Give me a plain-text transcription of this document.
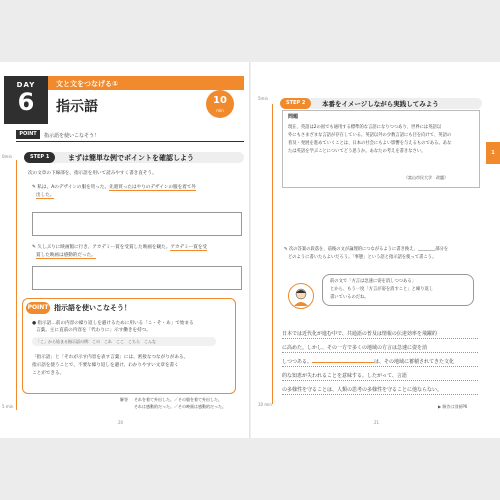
DAY
6
文と文をつなげる①
指示語	10
min
POINT	指示語を使いこなそう！
0min
5 min
STEP 1	まずは簡単な例でポイントを確認しよう
次の文章の下線部を、指示語を用いて読みやすく書き直そう。
✎ 私は、Aのデザインの服を買った。先週買ったはやりのデザインの服を着て外
出した。
✎ 久しぶりに映画館に行き、アカデミー賞を受賞した映画を観た。アカデミー賞を受
賞した映画は感動的だった。
POINT 指示語を使いこなそう！
● 指示語…前の内容の繰り返しを避けるために用いる「こ・そ・あ」で始まる
言葉。主に直前の内容を「代わりに」示す働きを持つ。
「こ」から始まる指示語の例：この　これ　ここ　こちら　こんな
「指示語」と「それが示す内容を表す言葉」には、密接なつながりがある。
指示語を使うことで、不要な繰り返しを避け、わかりやすい文章を書く
ことができる。
解答 それを着て外出した。／その服を着て外出した。
それは感動的だった。／その映画は感動的だった。
20
5min
10 min
STEP 2	本番をイメージしながら実践してみよう
問題
現在、英語は2の国でも通用する標準的な言語になりつつあり、世界には英語以
外にもさまざまな言語が存在している。英語以外の少数言語にも目を向けて、英語の
普及・発展を進めていくことは、日本の社会にもよい影響を与えるものである。あな
たは英語を学ぶことについてどう思うか。あなたの考えを書きなさい。
（富山市民大学　改題）
1
✎ 次の答案の段落を、前後の文が論理的につながるように書き換え、________部分を
どのように書いたらよいだろう。「事態」という語と指示語を使って書こう。
前の文で「方言は急速に姿を消しつつある」
とから、もう一度「方言が姿を消すこと」と繰り返し
書いているのだね。
日本では近代化が進む中で、共通語の普及は情報の伝達効率を飛躍的
に高めた。しかし、その一方で多くの地域の方言は急速に姿を消
しつつある。	は、その地域に蓄積されてきた文化
的な知恵が失われることを意味する。したがって、言語
の多様性を守ることは、人類の思考の多様性を守ることに他ならない。
▶ 解答は別冊P6
21
